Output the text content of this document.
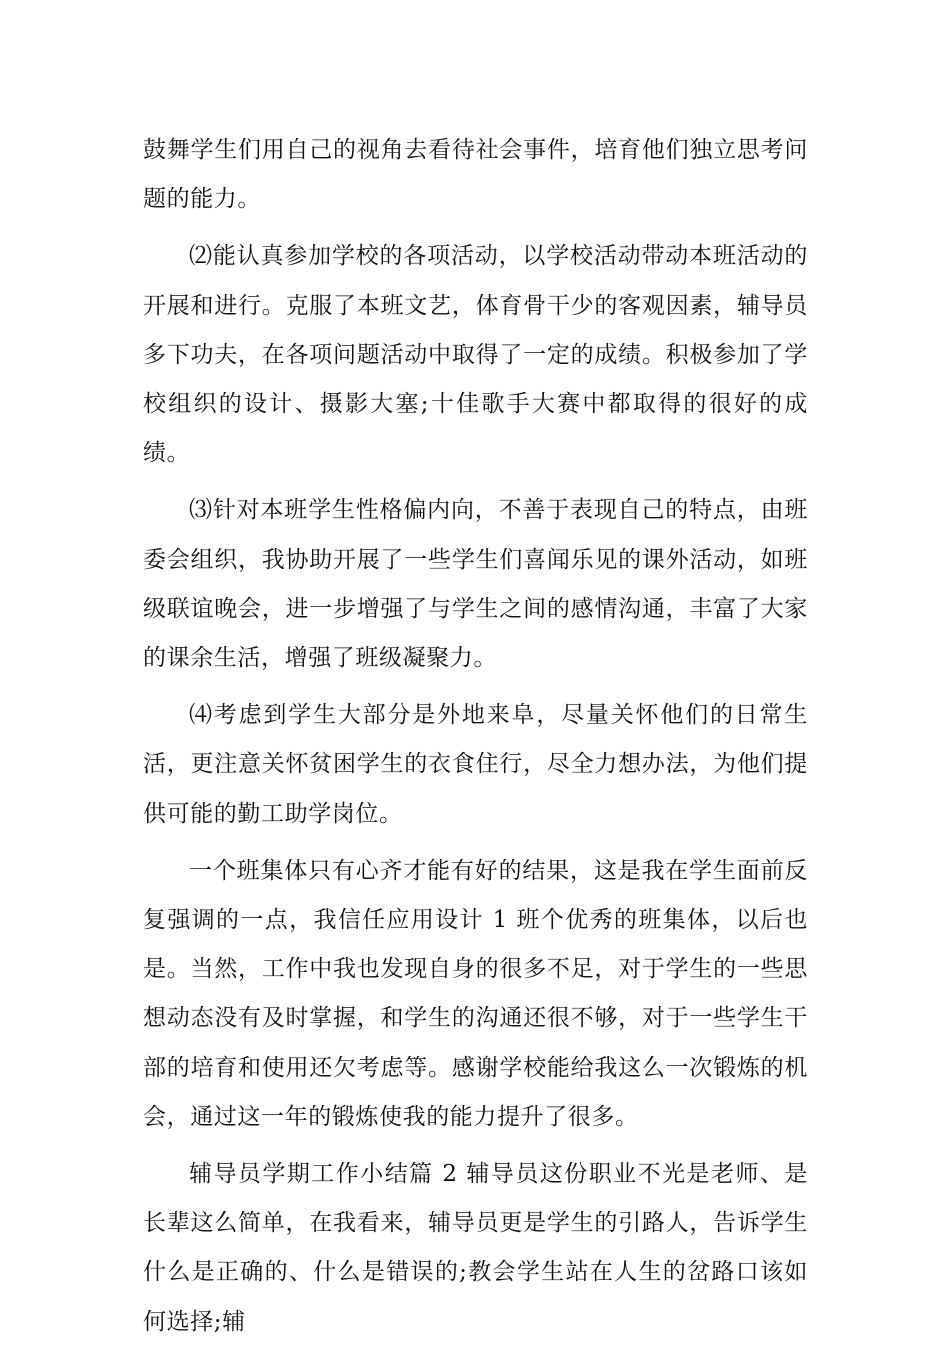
鼓舞学生们用自己的视角去看待社会事件，培育他们独立思考问题的能力。

⑵能认真参加学校的各项活动，以学校活动带动本班活动的开展和进行。克服了本班文艺，体育骨干少的客观因素，辅导员多下功夫，在各项问题活动中取得了一定的成绩。积极参加了学校组织的设计、摄影大塞;十佳歌手大赛中都取得的很好的成绩。

⑶针对本班学生性格偏内向，不善于表现自己的特点，由班委会组织，我协助开展了一些学生们喜闻乐见的课外活动，如班级联谊晚会，进一步增强了与学生之间的感情沟通，丰富了大家的课余生活，增强了班级凝聚力。

⑷考虑到学生大部分是外地来阜，尽量关怀他们的日常生活，更注意关怀贫困学生的衣食住行，尽全力想办法，为他们提供可能的勤工助学岗位。

一个班集体只有心齐才能有好的结果，这是我在学生面前反复强调的一点，我信任应用设计 1 班个优秀的班集体，以后也是。当然，工作中我也发现自身的很多不足，对于学生的一些思想动态没有及时掌握，和学生的沟通还很不够，对于一些学生干部的培育和使用还欠考虑等。感谢学校能给我这么一次锻炼的机会，通过这一年的锻炼使我的能力提升了很多。

辅导员学期工作小结篇 2 辅导员这份职业不光是老师、是长辈这么简单，在我看来，辅导员更是学生的引路人，告诉学生什么是正确的、什么是错误的;教会学生站在人生的岔路口该如何选择;辅
